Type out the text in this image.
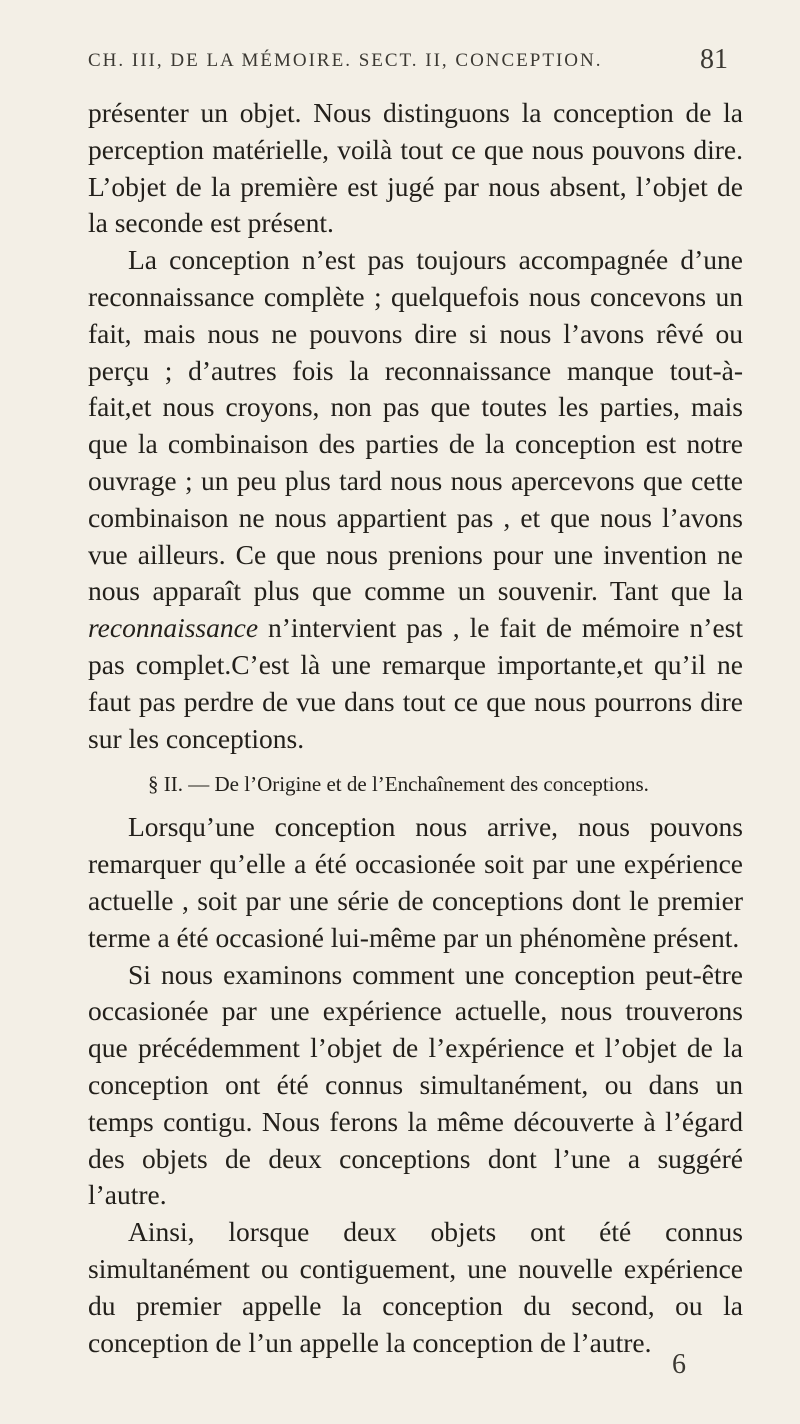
CH. III, DE LA MÉMOIRE. SECT. II, CONCEPTION.	81

présenter un objet. Nous distinguons la conception de la perception matérielle, voilà tout ce que nous pouvons dire. L’objet de la première est jugé par nous absent, l’objet de la seconde est présent.

La conception n’est pas toujours accompagnée d’une reconnaissance complète ; quelquefois nous concevons un fait, mais nous ne pouvons dire si nous l’avons rêvé ou perçu ; d’autres fois la reconnaissance manque tout-à-fait,et nous croyons, non pas que toutes les parties, mais que la combinaison des parties de la conception est notre ouvrage ; un peu plus tard nous nous apercevons que cette combinaison ne nous appartient pas , et que nous l’avons vue ailleurs. Ce que nous prenions pour une invention ne nous apparaît plus que comme un souvenir. Tant que la reconnaissance n’intervient pas , le fait de mémoire n’est pas complet.C’est là une remarque importante,et qu’il ne faut pas perdre de vue dans tout ce que nous pourrons dire sur les conceptions.

§ II. — De l’Origine et de l’Enchaînement des conceptions.

Lorsqu’une conception nous arrive, nous pouvons remarquer qu’elle a été occasionée soit par une expérience actuelle , soit par une série de conceptions dont le premier terme a été occasioné lui-même par un phénomène présent.

Si nous examinons comment une conception peut-être occasionée par une expérience actuelle, nous trouverons que précédemment l’objet de l’expérience et l’objet de la conception ont été connus simultanément, ou dans un temps contigu. Nous ferons la même découverte à l’égard des objets de deux conceptions dont l’une a suggéré l’autre.

Ainsi, lorsque deux objets ont été connus simultanément ou contiguement, une nouvelle expérience du premier appelle la conception du second, ou la conception de l’un appelle la conception de l’autre.

6
